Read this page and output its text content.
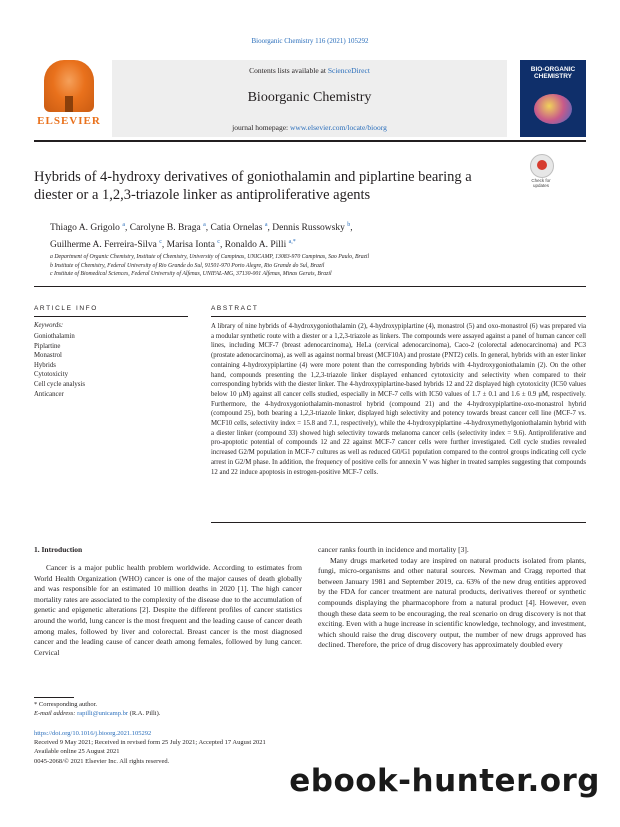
Bioorganic Chemistry 116 (2021) 105292
ELSEVIER
Contents lists available at ScienceDirect
Bioorganic Chemistry
journal homepage: www.elsevier.com/locate/bioorg
BIO-ORGANIC CHEMISTRY
Hybrids of 4-hydroxy derivatives of goniothalamin and piplartine bearing a diester or a 1,2,3-triazole linker as antiproliferative agents
Check for updates
Thiago A. Grigolo $^a$, Carolyne B. Braga $^a$, Catia Ornelas $^a$, Dennis Russowsky $^b$,
Guilherme A. Ferreira-Silva $^c$, Marisa Ionta $^c$, Ronaldo A. Pilli $^{a,*}$
a Department of Organic Chemistry, Institute of Chemistry, University of Campinas, UNICAMP, 13083-970 Campinas, Sao Paulo, Brazil
b Institute of Chemistry, Federal University of Rio Grande do Sul, 91501-970 Porto Alegre, Rio Grande do Sul, Brazil
c Institute of Biomedical Sciences, Federal University of Alfenas, UNIFAL-MG, 37130-001 Alfenas, Minas Gerais, Brazil
ARTICLE INFO
Keywords:
Goniothalamin
Piplartine
Monastrol
Hybrids
Cytotoxicity
Cell cycle analysis
Anticancer
ABSTRACT
A library of nine hybrids of 4-hydroxygoniothalamin (2), 4-hydroxypiplartine (4), monastrol (5) and oxo-monastrol (6) was prepared via a modular synthetic route with a diester or a 1,2,3-triazole as linkers. The compounds were assayed against a panel of human cancer cell lines, including MCF-7 (breast adenocarcinoma), HeLa (cervical adenocarcinoma), Caco-2 (colorectal adenocarcinoma) and PC3 (prostate adenocarcinoma), as well as against normal breast (MCF10A) and prostate (PNT2) cells. In general, hybrids with an ester linker containing 4-hydroxypiplartine (4) were more potent than the corresponding hybrids with 4-hydroxygoniothalamin (2). On the other hand, compounds presenting the 1,2,3-triazole linker displayed enhanced cytotoxicity and selectivity when compared to their corresponding hybrids with the diester linker. The 4-hydroxypiplartine-based hybrids 12 and 22 displayed high cytotoxicity (IC50 values below 10 μM) against all cancer cells studied, especially in MCF-7 cells with IC50 values of 1.7 ± 0.1 and 1.6 ± 0.9 μM, respectively. Furthermore, the 4-hydroxygoniothalamin-monastrol hybrid (compound 21) and the 4-hydroxypiplartine-oxo-monastrol hybrid (compound 25), both bearing a 1,2,3-triazole linker, displayed high selectivity and potency towards breast cancer cell line (MCF-7 vs. MCF10 cells, selectivity index = 15.8 and 7.1, respectively), while the 4-hydroxypiplartine -4-hydroxymethylgoniothalamin hybrid with a diester linker (compound 33) showed high selectivity towards melanoma cancer cells (selectivity index = 9.6). Antiproliferative and pro-apoptotic potential of compounds 12 and 22 against MCF-7 cancer cells were further investigated. Cell cycle studies revealed increased G2/M population in MCF-7 cultures as well as reduced G0/G1 population compared to the control groups indicating cell cycle arrest in G2/M phase. In addition, the frequency of positive cells for annexin V was higher in treated samples suggesting that compounds 12 and 22 induce apoptosis in estrogen-positive MCF-7 cells.
1. Introduction

Cancer is a major public health problem worldwide. According to estimates from World Health Organization (WHO) cancer is one of the major causes of death globally and was responsible for an estimated 10 million deaths in 2020 [1]. The high cancer mortality rates are associated to the complexity of the disease due to the accumulation of genetic and epigenetic alterations [2]. Despite the different profiles of cancer statistics around the world, lung cancer is the most frequent and the leading cause of cancer death among males, followed by liver and colorectal. Breast cancer is the most diagnosed cancer and the leading cause of cancer death among females, followed by lung cancer. Cervical

cancer ranks fourth in incidence and mortality [3].

Many drugs marketed today are inspired on natural products isolated from plants, fungi, micro-organisms and other natural sources. Newman and Cragg reported that between January 1981 and September 2019, ca. 63% of the new drug entities approved by the FDA for cancer treatment are natural products, derivatives thereof or synthetic compounds displaying the pharmacophore from a natural product [4]. However, even though these data seem to be encouraging, the real scenario on drug discovery is not that exciting. Even with a huge increase in scientific knowledge, technology, and investment, which should raise the drug discovery output, the number of new drugs approved has declined. Therefore, the price of drug discovery has approximately doubled every

* Corresponding author.
E-mail address: rapilli@unicamp.br (R.A. Pilli).
https://doi.org/10.1016/j.bioorg.2021.105292
Received 9 May 2021; Received in revised form 25 July 2021; Accepted 17 August 2021
Available online 25 August 2021
0045-2068/© 2021 Elsevier Inc. All rights reserved.
ebook-hunter.org
